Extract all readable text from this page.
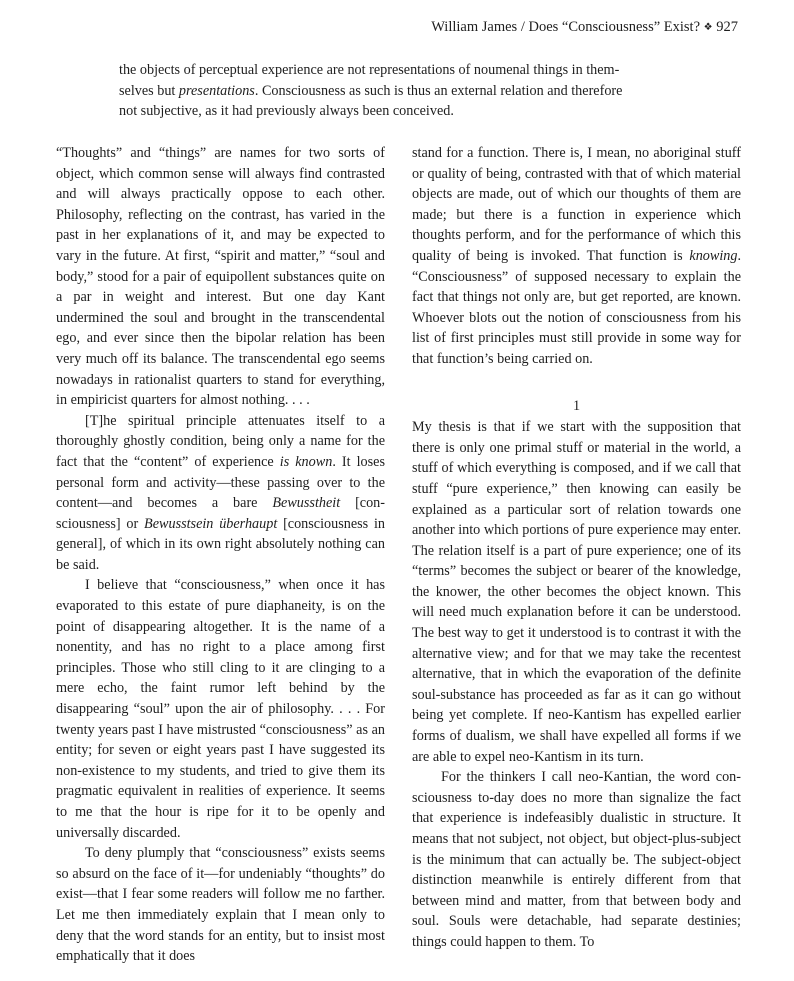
William James / Does “Consciousness” Exist? ❖ 927
the objects of perceptual experience are not representations of noumenal things in them-
selves but presentations. Consciousness as such is thus an external relation and therefore
not subjective, as it had previously always been conceived.

“Thoughts” and “things” are names for two sorts of object, which common sense will always find contrasted and will always practically oppose to each other. Philosophy, reflecting on the contrast, has varied in the past in her explanations of it, and may be expected to vary in the future. At first, “spirit and matter,” “soul and body,” stood for a pair of equipollent substances quite on a par in weight and interest. But one day Kant undermined the soul and brought in the transcendental ego, and ever since then the bipolar relation has been very much off its balance. The transcendental ego seems nowadays in rationalist quarters to stand for everything, in empiricist quarters for almost nothing. . . .

[T]he spiritual principle attenuates itself to a thoroughly ghostly condition, being only a name for the fact that the “content” of experience is known. It loses personal form and activity—these passing over to the content—and becomes a bare Bewusstheit [consciousness] or Bewusstsein überhaupt [consciousness in general], of which in its own right absolutely nothing can be said.

I believe that “consciousness,” when once it has evaporated to this estate of pure diaphaneity, is on the point of disappearing altogether. It is the name of a nonentity, and has no right to a place among first principles. Those who still cling to it are clinging to a mere echo, the faint rumor left behind by the disappearing “soul” upon the air of philosophy. . . . For twenty years past I have mistrusted “consciousness” as an entity; for seven or eight years past I have suggested its non-existence to my students, and tried to give them its pragmatic equivalent in realities of experience. It seems to me that the hour is ripe for it to be openly and universally discarded.

To deny plumply that “consciousness” exists seems so absurd on the face of it—for undeniably “thoughts” do exist—that I fear some readers will follow me no farther. Let me then immediately explain that I mean only to deny that the word stands for an entity, but to insist most emphatically that it does

stand for a function. There is, I mean, no aboriginal stuff or quality of being, contrasted with that of which material objects are made, out of which our thoughts of them are made; but there is a function in experience which thoughts perform, and for the performance of which this quality of being is invoked. That function is knowing. “Consciousness” of supposed necessary to explain the fact that things not only are, but get reported, are known. Whoever blots out the notion of consciousness from his list of first principles must still provide in some way for that function’s being carried on.

1

My thesis is that if we start with the supposition that there is only one primal stuff or material in the world, a stuff of which everything is composed, and if we call that stuff “pure experience,” then knowing can easily be explained as a particular sort of relation towards one another into which portions of pure experience may enter. The relation itself is a part of pure experience; one of its “terms” becomes the subject or bearer of the knowledge, the knower, the other becomes the object known. This will need much explanation before it can be understood. The best way to get it understood is to contrast it with the alternative view; and for that we may take the recentest alternative, that in which the evaporation of the definite soul-substance has proceeded as far as it can go without being yet complete. If neo-Kantism has expelled earlier forms of dualism, we shall have expelled all forms if we are able to expel neo-Kantism in its turn.

For the thinkers I call neo-Kantian, the word consciousness to-day does no more than signalize the fact that experience is indefeasibly dualistic in structure. It means that not subject, not object, but object-plus-subject is the minimum that can actually be. The subject-object distinction meanwhile is entirely different from that between mind and matter, from that between body and soul. Souls were detachable, had separate destinies; things could happen to them. To
